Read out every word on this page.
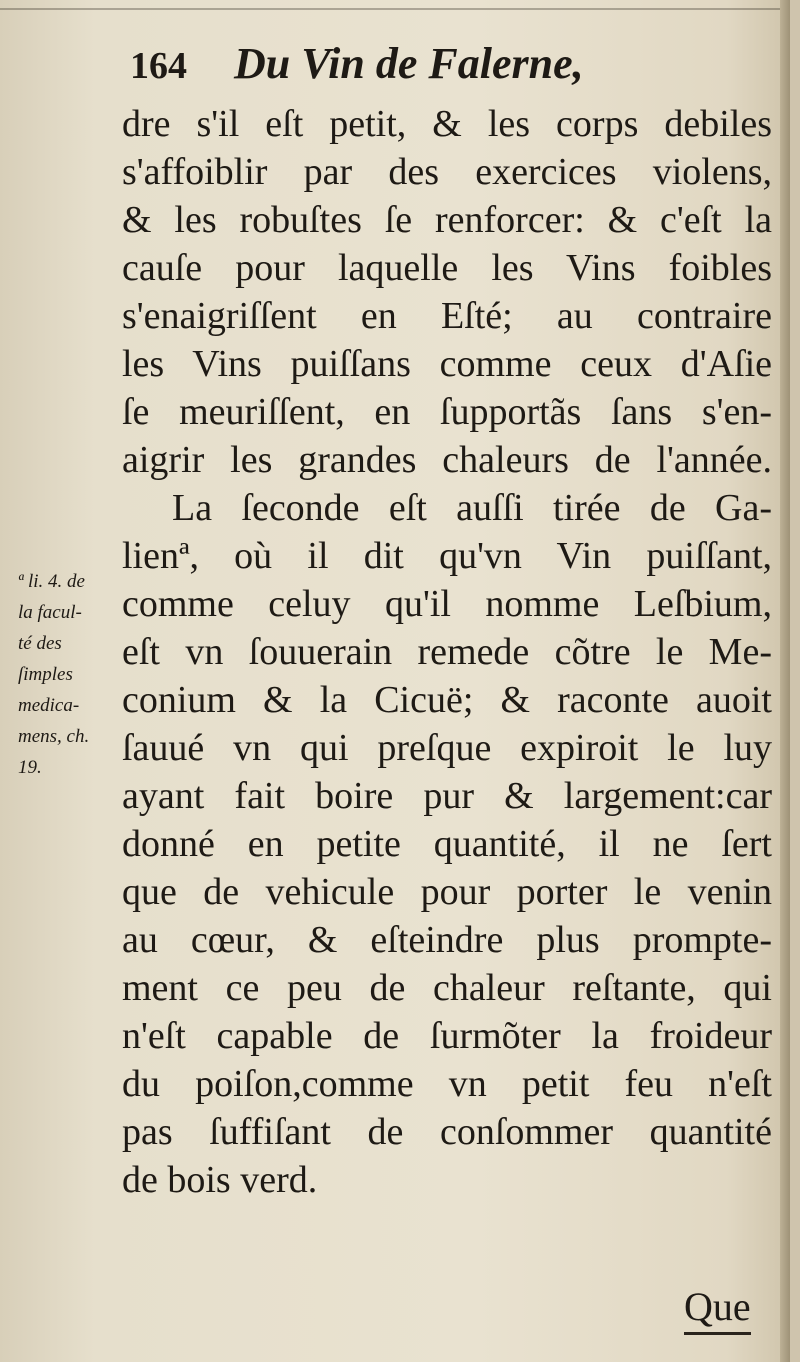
164 Du Vin de Falerne,
dre s'il eſt petit, & les corps debiles
s'affoiblir par des exercices violens,
& les robuſtes ſe renforcer: & c'eſt la
cauſe pour laquelle les Vins foibles
s'enaigriſſent en Eſté; au contraire
les Vins puiſſans comme ceux d'Aſie
ſe meuriſſent, en ſupportãs ſans s'en-
aigrir les grandes chaleurs de l'année.
La ſeconde eſt auſſi tirée de Ga-
lienª, où il dit qu'vn Vin puiſſant,
comme celuy qu'il nomme Leſbium,
eſt vn ſouuerain remede cõtre le Me-
conium & la Cicuë; & raconte auoit
ſauué vn qui preſque expiroit le luy
ayant fait boire pur & largement:car
donné en petite quantité, il ne ſert
que de vehicule pour porter le venin
au cœur, & eſteindre plus prompte-
ment ce peu de chaleur reſtante, qui
n'eſt capable de ſurmõter la froideur
du poiſon,comme vn petit feu n'eſt
pas ſuffiſant de conſommer quantité
de bois verd.
ª li. 4. de
la facul-
té des
ſimples
medica-
mens, ch.
19.
Que
